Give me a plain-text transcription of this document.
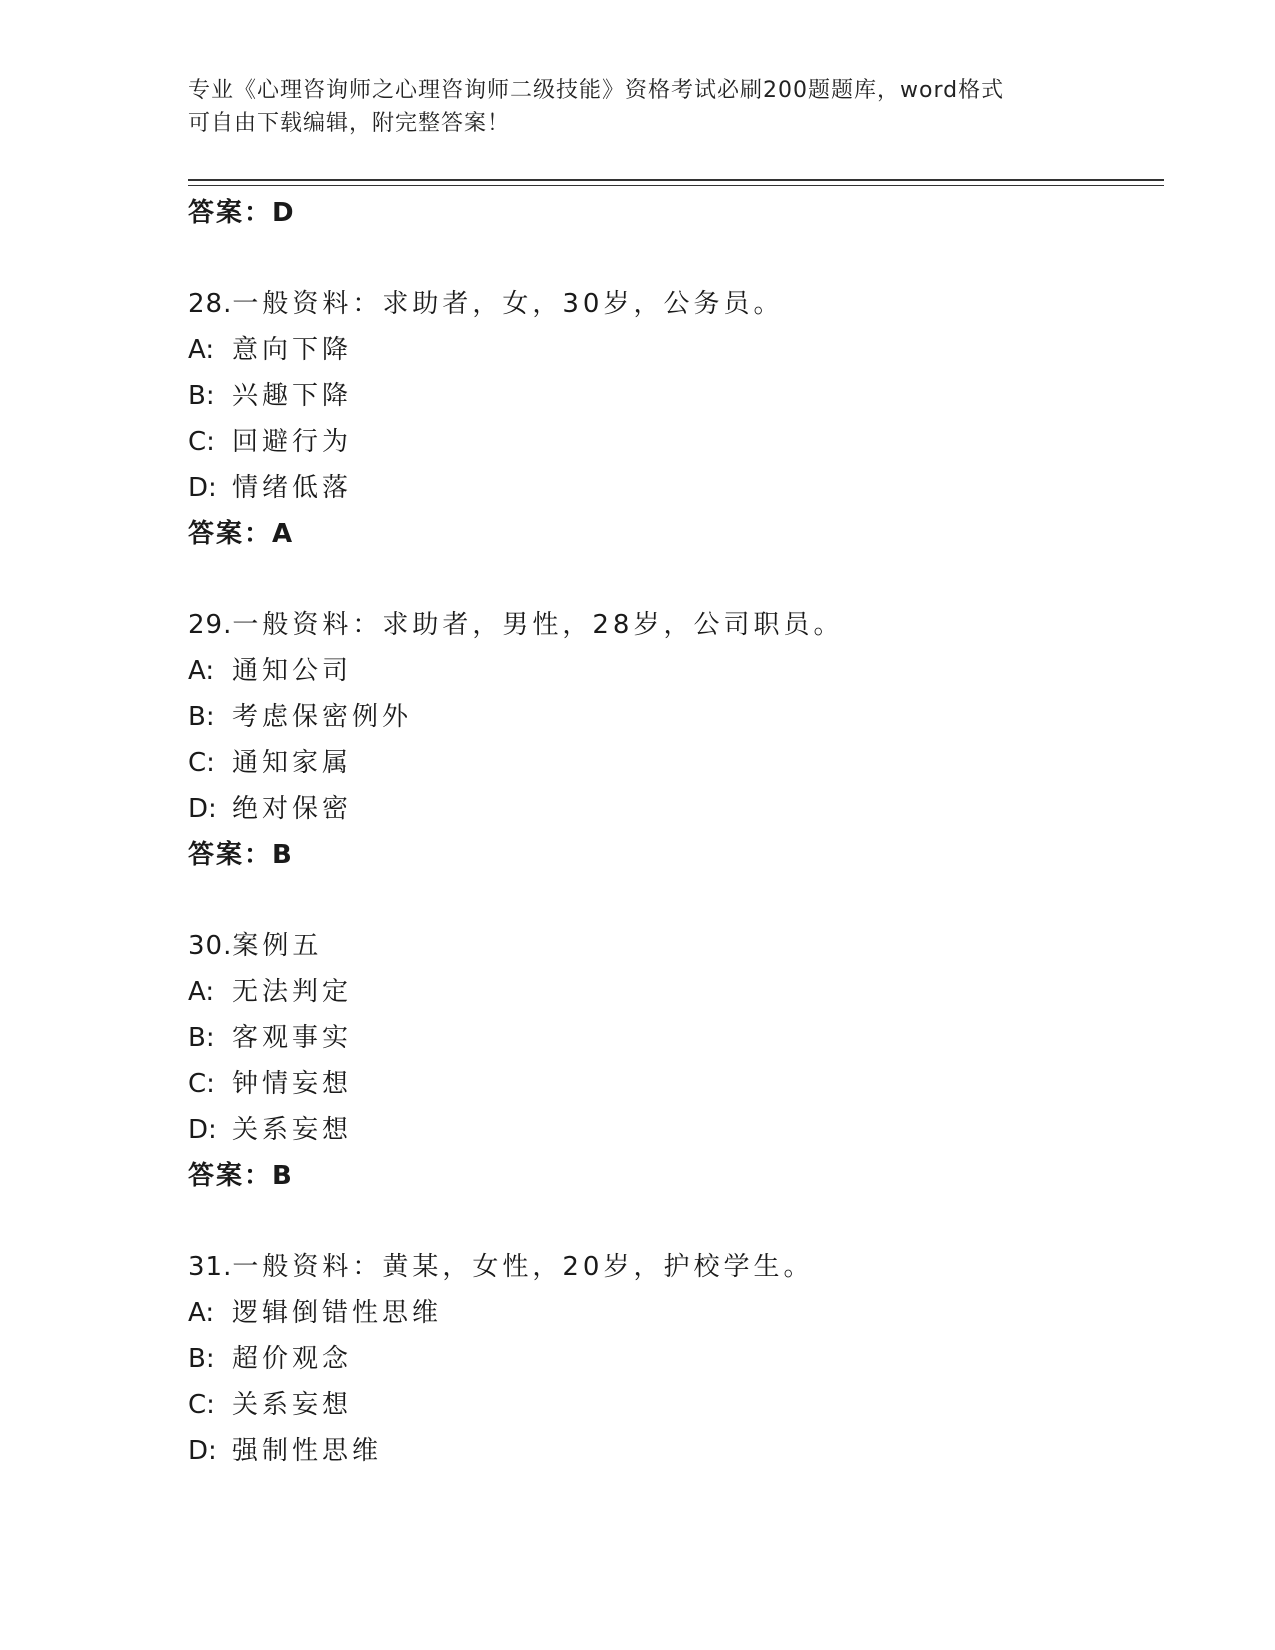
专业《心理咨询师之心理咨询师二级技能》资格考试必刷200题题库，word格式
可自由下载编辑，附完整答案！
答案：D
28.一般资料：求助者，女，30岁，公务员。
A: 意向下降
B: 兴趣下降
C: 回避行为
D: 情绪低落
答案：A
29.一般资料：求助者，男性，28岁，公司职员。
A: 通知公司
B: 考虑保密例外
C: 通知家属
D: 绝对保密
答案：B
30.案例五
A: 无法判定
B: 客观事实
C: 钟情妄想
D: 关系妄想
答案：B
31.一般资料：黄某，女性，20岁，护校学生。
A: 逻辑倒错性思维
B: 超价观念
C: 关系妄想
D: 强制性思维
